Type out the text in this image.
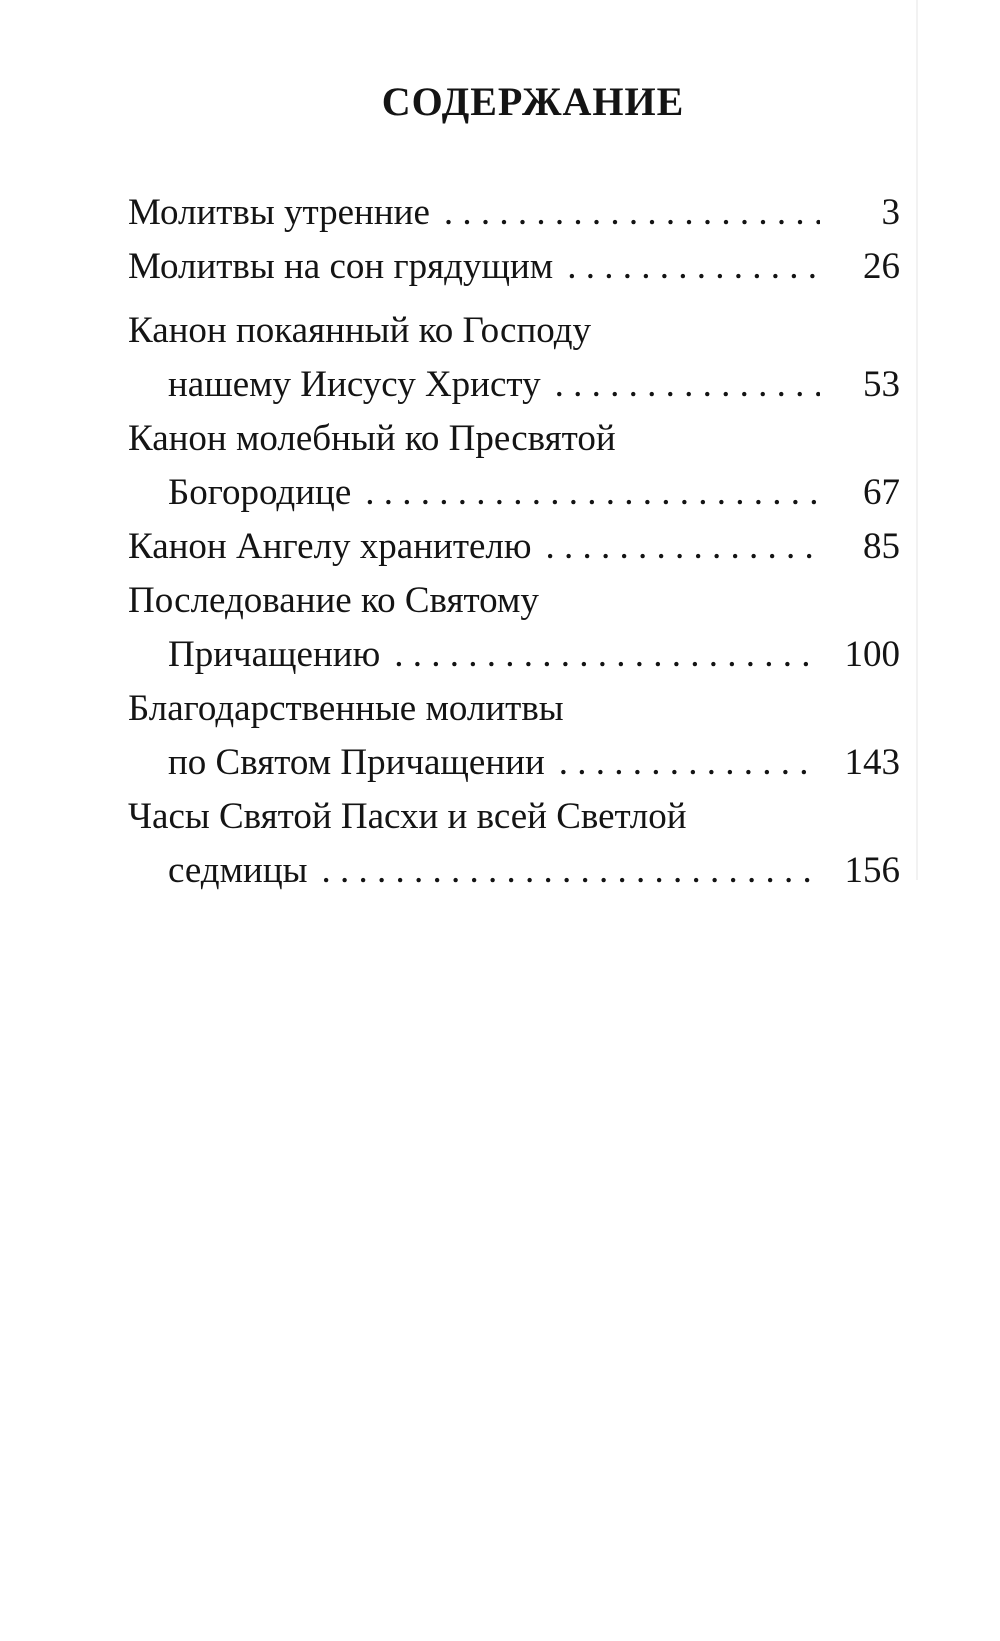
СОДЕРЖАНИЕ
Молитвы утренние . . .	3
Молитвы на сон грядущим . . .	26
Канон покаянный ко Господу
нашему Иисусу Христу . . .	53
Канон молебный ко Пресвятой
Богородице . . .	67
Канон Ангелу хранителю . . .	85
Последование ко Святому
Причащению . . .	100
Благодарственные молитвы
по Святом Причащении . . .	143
Часы Святой Пасхи и всей Светлой
седмицы . . .	156
